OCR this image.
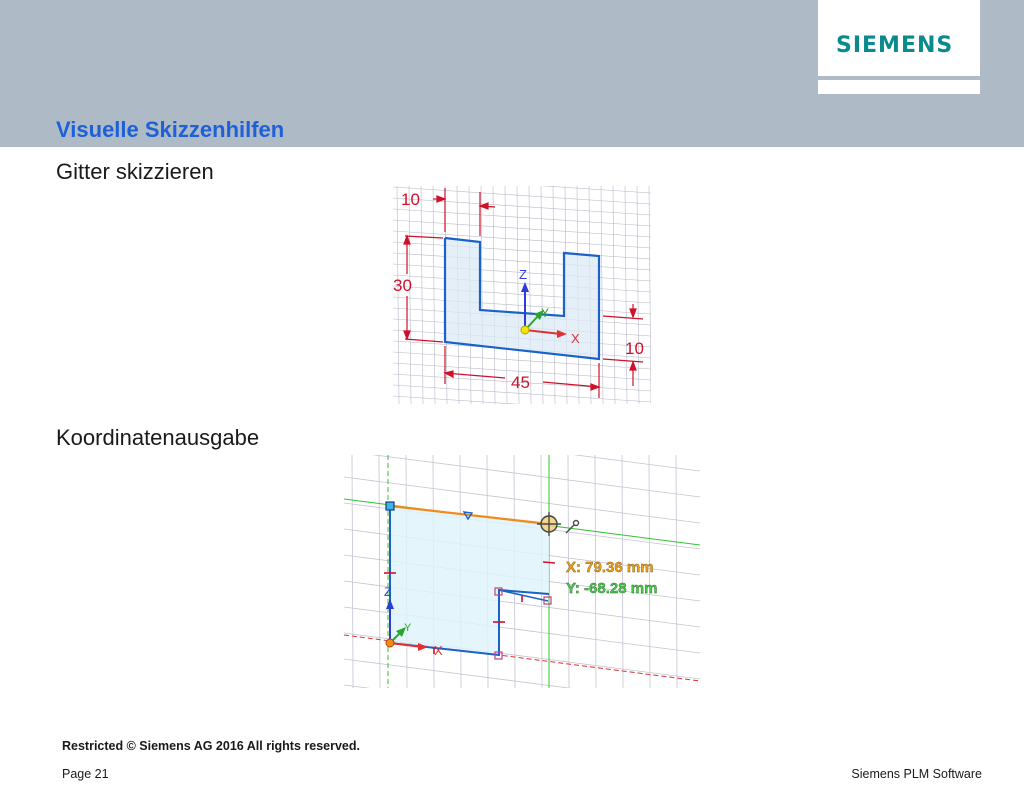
SIEMENS
Visuelle Skizzenhilfen
Gitter skizzieren
10
30
10
45
Z
Y
X
Koordinatenausgabe
Z
Y
X
X: 79.36 mm
Y: -68.28 mm
Restricted © Siemens AG 2016 All rights reserved.
Page 21	Siemens PLM Software
